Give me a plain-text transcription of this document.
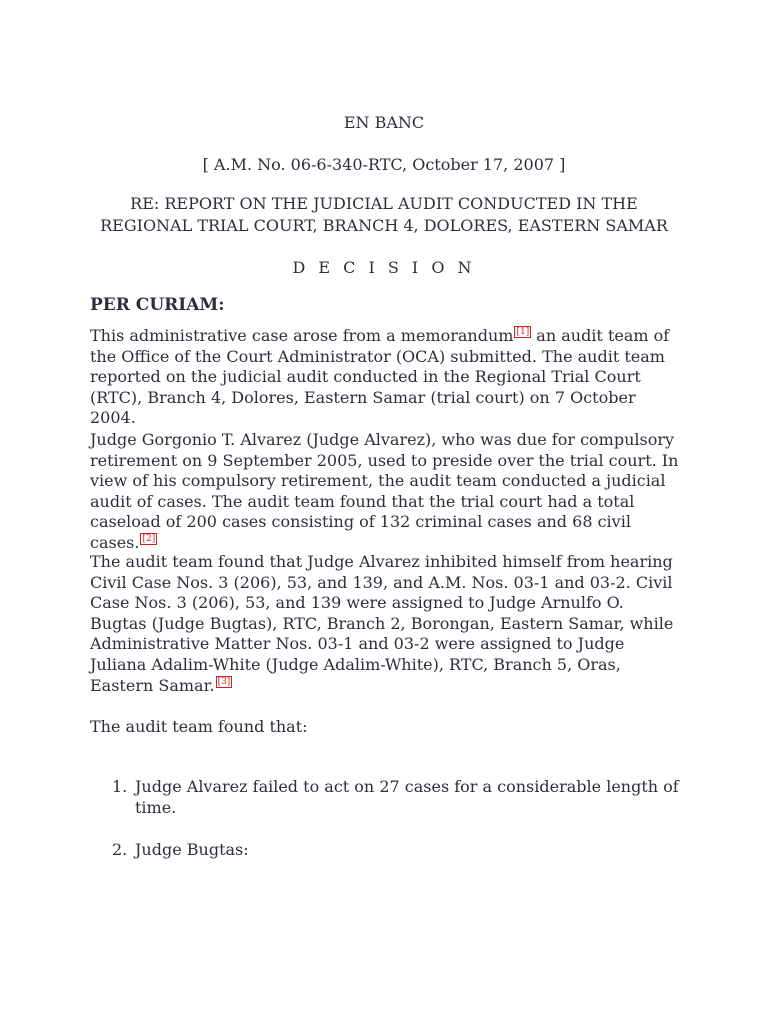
EN BANC
[ A.M. No. 06-6-340-RTC, October 17, 2007 ]
RE: REPORT ON THE JUDICIAL AUDIT CONDUCTED IN THE
REGIONAL TRIAL COURT, BRANCH 4, DOLORES, EASTERN SAMAR
D E C I S I O N
PER CURIAM:

This administrative case arose from a memorandum [1] an audit team of the Office of the Court Administrator (OCA) submitted. The audit team reported on the judicial audit conducted in the Regional Trial Court (RTC), Branch 4, Dolores, Eastern Samar (trial court) on 7 October 2004.

Judge Gorgonio T. Alvarez (Judge Alvarez), who was due for compulsory retirement on 9 September 2005, used to preside over the trial court. In view of his compulsory retirement, the audit team conducted a judicial audit of cases. The audit team found that the trial court had a total caseload of 200 cases consisting of 132 criminal cases and 68 civil cases. [2]

The audit team found that Judge Alvarez inhibited himself from hearing Civil Case Nos. 3 (206), 53, and 139, and A.M. Nos. 03-1 and 03-2. Civil Case Nos. 3 (206), 53, and 139 were assigned to Judge Arnulfo O. Bugtas (Judge Bugtas), RTC, Branch 2, Borongan, Eastern Samar, while Administrative Matter Nos. 03-1 and 03-2 were assigned to Judge Juliana Adalim-White (Judge Adalim-White), RTC, Branch 5, Oras, Eastern Samar. [3]

The audit team found that:

1. Judge Alvarez failed to act on 27 cases for a considerable length of time.
2. Judge Bugtas:
